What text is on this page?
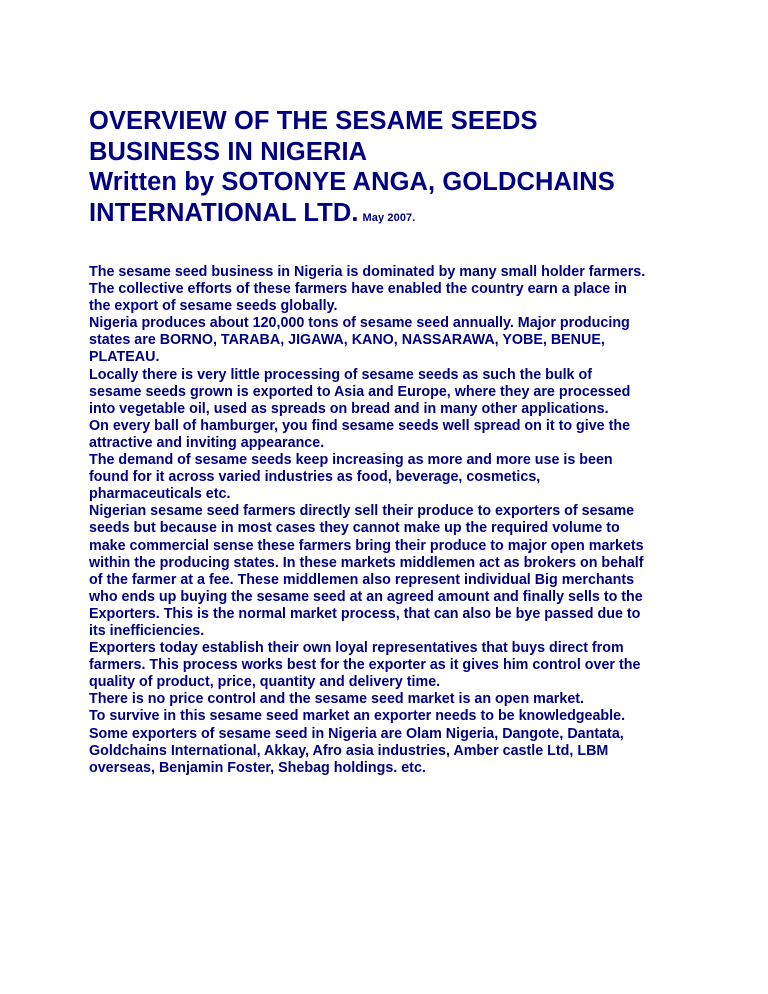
OVERVIEW OF THE SESAME SEEDS
BUSINESS IN NIGERIA
Written by SOTONYE ANGA, GOLDCHAINS
INTERNATIONAL LTD. May 2007.
The sesame seed business in Nigeria is dominated by many small holder farmers.
The collective efforts of these farmers have enabled the country earn a place in
the export of sesame seeds globally.
Nigeria produces about 120,000 tons of sesame seed annually. Major producing
states are BORNO, TARABA, JIGAWA, KANO, NASSARAWA, YOBE, BENUE,
PLATEAU.
Locally there is very little processing of sesame seeds as such the bulk of
sesame seeds grown is exported to Asia and Europe, where they are processed
into vegetable oil, used as spreads on bread and in many other applications.
On every ball of hamburger, you find sesame seeds well spread on it to give the
attractive and inviting appearance.
The demand of sesame seeds keep increasing as more and more use is been
found for it across varied industries as food, beverage, cosmetics,
pharmaceuticals etc.
Nigerian sesame seed farmers directly sell their produce to exporters of sesame
seeds but because in most cases they cannot make up the required volume to
make commercial sense these farmers bring their produce to major open markets
within the producing states. In these markets middlemen act as brokers on behalf
of the farmer at a fee. These middlemen also represent individual Big merchants
who ends up buying the sesame seed at an agreed amount and finally sells to the
Exporters. This is the normal market process, that can also be bye passed due to
its inefficiencies.
Exporters today establish their own loyal representatives that buys direct from
farmers. This process works best for the exporter as it gives him control over the
quality of product, price, quantity and delivery time.
There is no price control and the sesame seed market is an open market.
To survive in this sesame seed market an exporter needs to be knowledgeable.
Some exporters of sesame seed in Nigeria are Olam Nigeria, Dangote, Dantata,
Goldchains International, Akkay, Afro asia industries, Amber castle Ltd, LBM
overseas, Benjamin Foster, Shebag holdings. etc.
